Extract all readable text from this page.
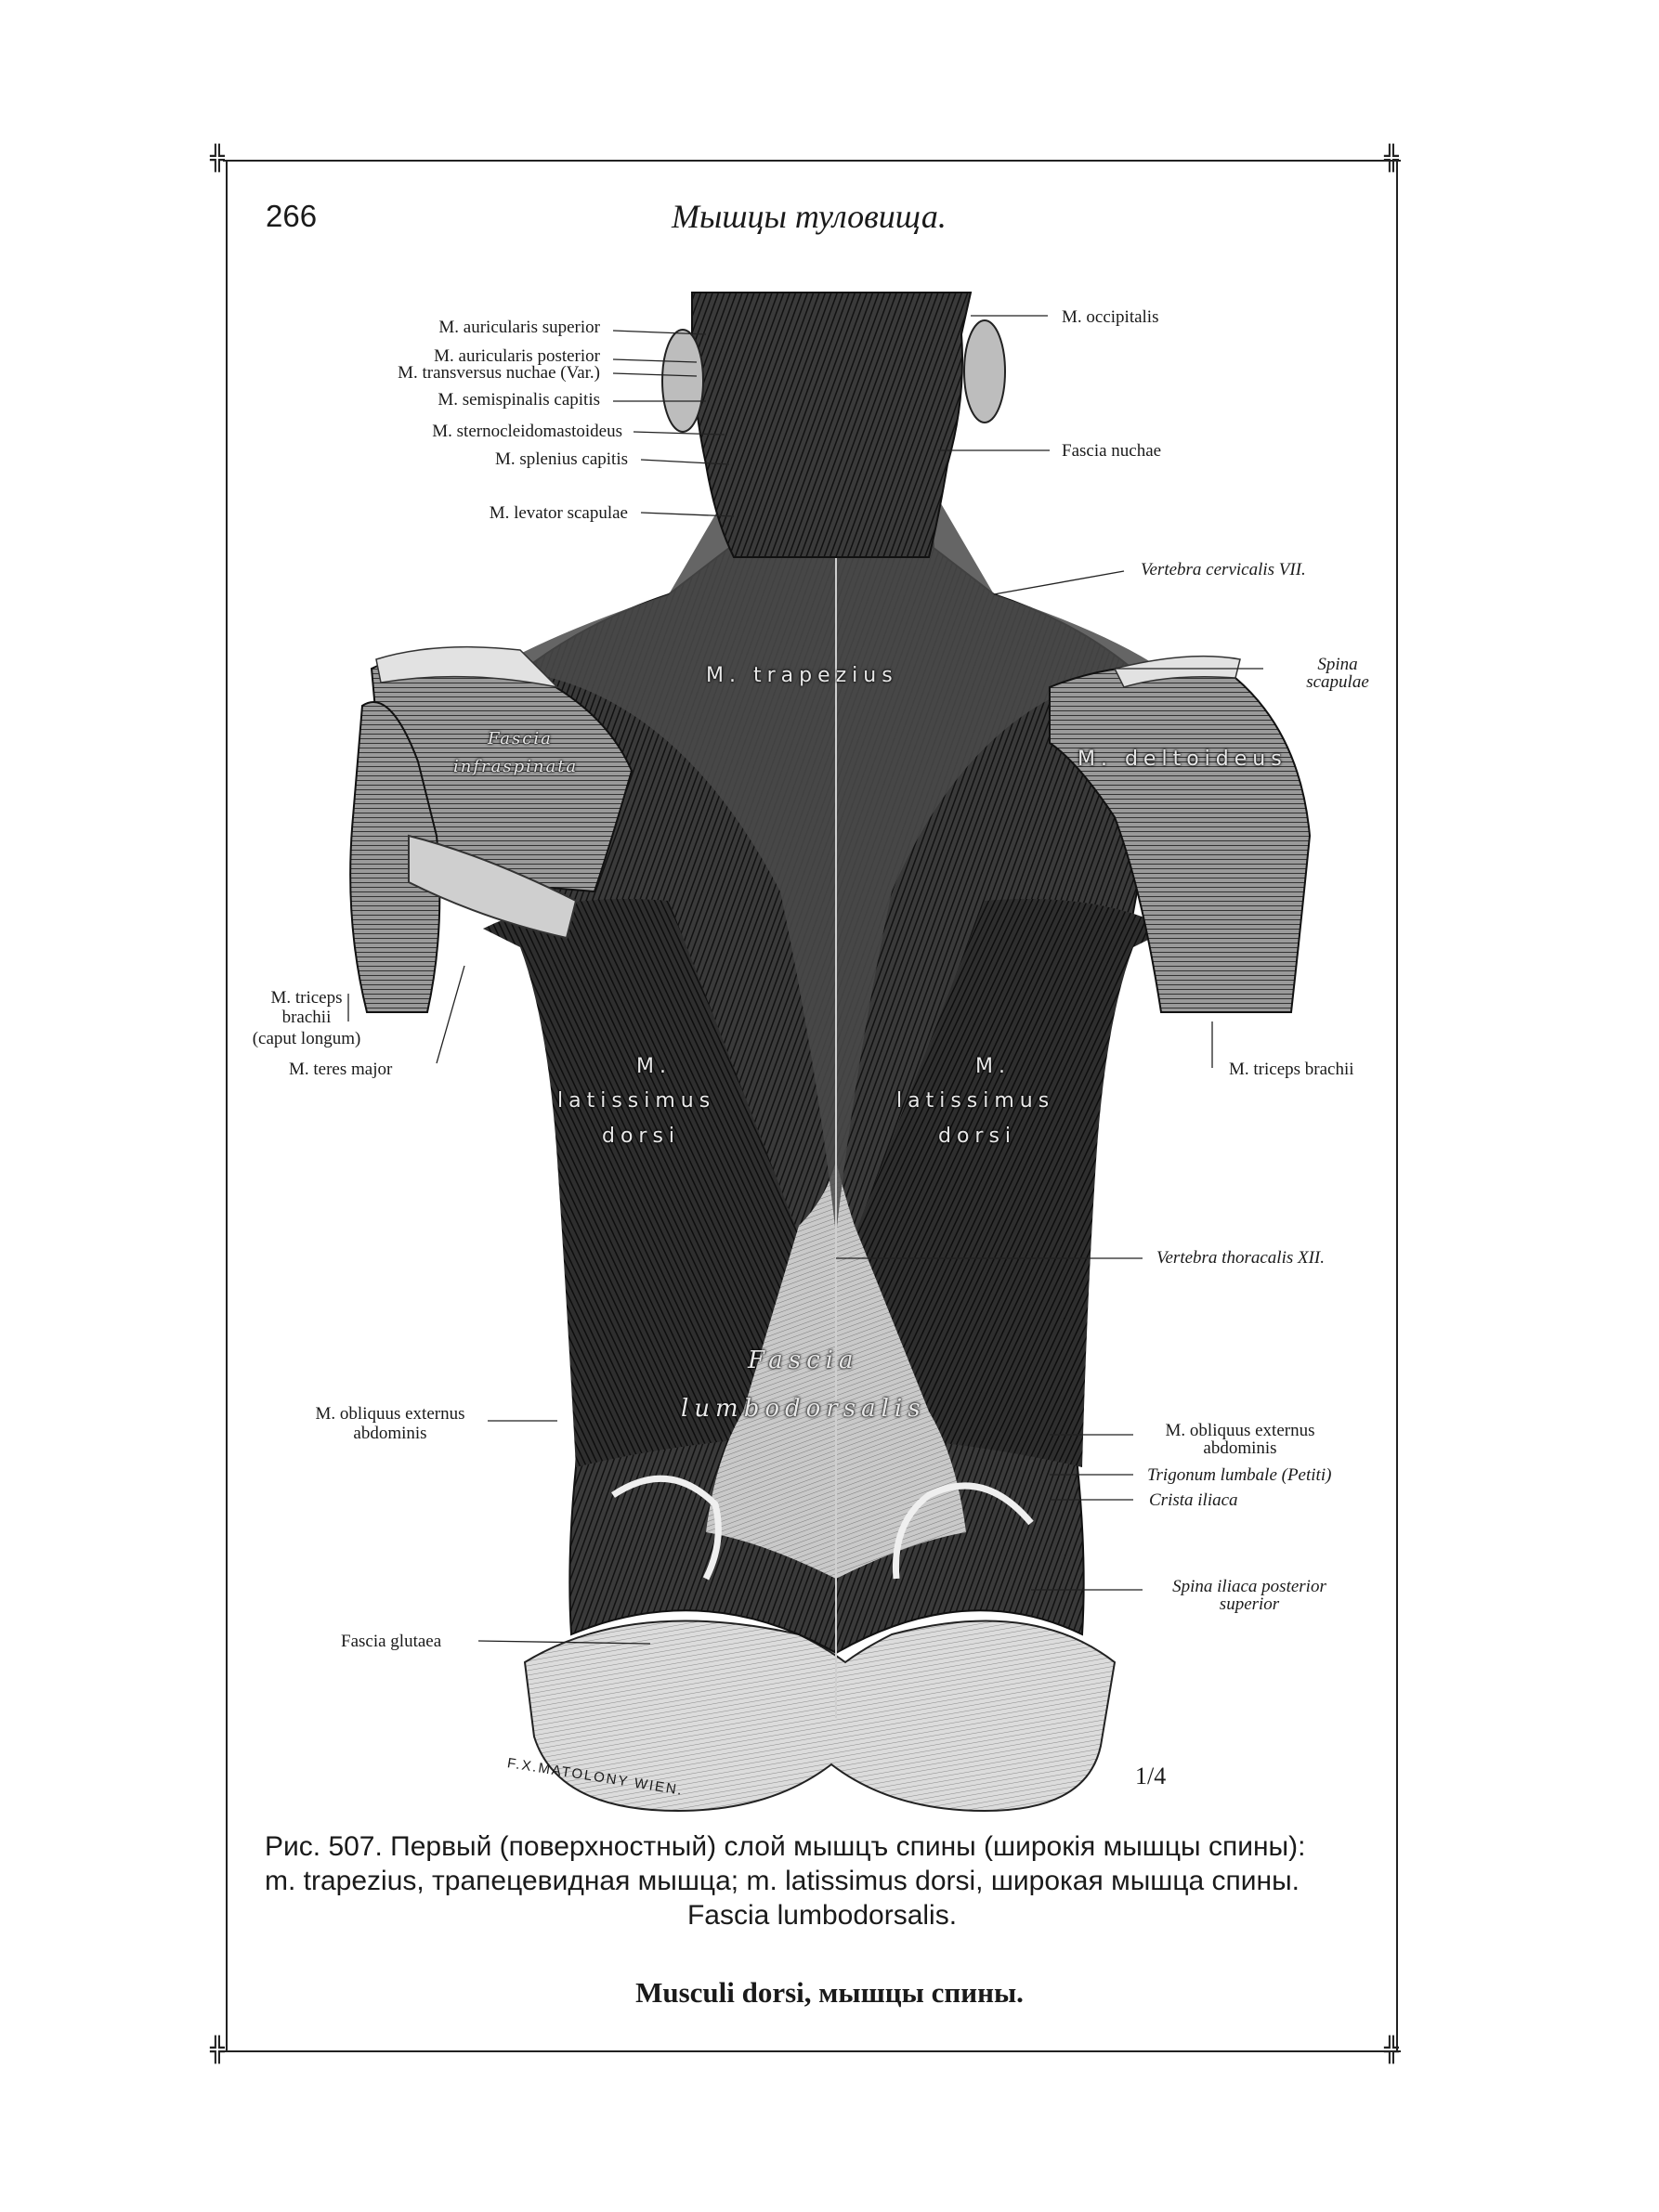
╬	╬
╬	╬
266	Мышцы туловища.
M. auricularis superior
M. auricularis posterior
M. transversus nuchae (Var.)
M. semispinalis capitis
M. sternocleidomastoideus
M. splenius capitis
M. levator scapulae
M. triceps
brachii
(caput longum)
M. teres major
M. obliquus externus
abdominis
Fascia glutaea
M. occipitalis
Fascia nuchae
Vertebra cervicalis VII.
Spina
scapulae
M. triceps brachii
Vertebra thoracalis XII.
M. obliquus externus
abdominis
Trigonum lumbale (Petiti)
Crista iliaca
Spina iliaca posterior
superior
M. trapezius
Fascia
infraspinata	M. deltoideus
M.
latissimus
dorsi
M.
latissimus
dorsi
Fascia
lumbodorsalis
F.X.MATOLONY WIEN.	1/4
Рис. 507. Первый (поверхностный) слой мышцъ спины (широкія мышцы спины):
m. trapezius, трапецевидная мышца; m. latissimus dorsi, широкая мышца спины.
Fascia lumbodorsalis.
Musculi dorsi, мышцы спины.
